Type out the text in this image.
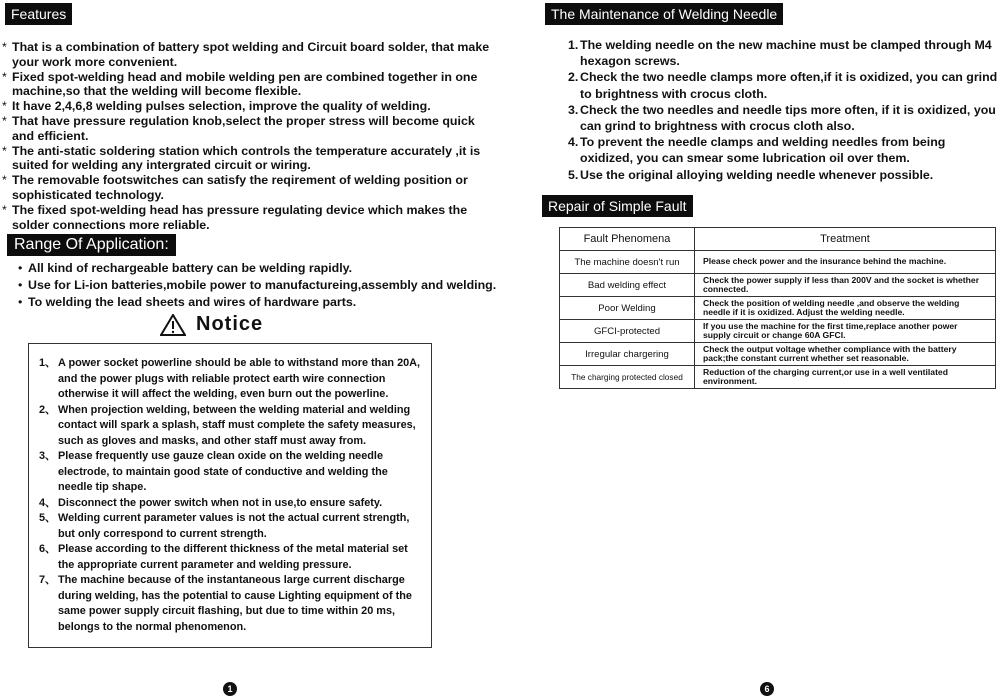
Features
* That is a combination of battery spot welding and Circuit board solder, that make your work more convenient.
* Fixed spot-welding head and mobile welding pen are combined together in one machine,so that the welding will become flexible.
* It have 2,4,6,8 welding pulses selection, improve the quality of welding.
* That have pressure regulation knob,select the proper stress will become quick and efficient.
* The anti-static soldering station which controls the temperature accurately ,it is suited for welding any intergrated circuit or wiring.
* The removable footswitches can satisfy the reqirement of welding position or sophisticated technology.
* The fixed spot-welding head has pressure regulating device which makes the solder connections more reliable.
Range Of Application:
• All kind of rechargeable battery can be welding rapidly.
• Use for Li-ion batteries,mobile power to manufactureing,assembly and welding.
• To welding the lead sheets and wires of hardware parts.
Notice
1、 A power socket powerline should be able to withstand more than 20A, and the power plugs with reliable protect earth wire connection otherwise it will affect the welding, even burn out the powerline.
2、 When projection welding, between the welding material and welding contact will spark a splash, staff must complete the safety measures, such as gloves and masks, and other staff must away from.
3、 Please frequently use gauze clean oxide on the welding needle electrode, to maintain good state of conductive and welding the needle tip shape.
4、 Disconnect the power switch when not in use,to ensure safety.
5、 Welding current parameter values is not the actual current strength, but only correspond to current strength.
6、 Please according to the different thickness of the metal material set the appropriate current parameter and welding pressure.
7、 The machine because of the instantaneous large current discharge during welding, has the potential to cause Lighting equipment of the same power supply circuit flashing, but due to time within 20 ms, belongs to the normal phenomenon.
1
The Maintenance of Welding Needle
1. The welding needle on the new machine must be clamped through M4 hexagon screws.
2. Check the two needle clamps more often,if it is oxidized, you can grind to brightness with crocus cloth.
3. Check the two needles and needle tips more often, if it is oxidized, you can grind to brightness with crocus cloth also.
4. To prevent the needle clamps and welding needles from being oxidized, you can smear some lubrication oil over them.
5. Use the original alloying welding needle whenever possible.
Repair of Simple Fault
Fault Phenomena	Treatment
The machine doesn't run	Please check power and the insurance behind the machine.
Bad welding effect	Check the power supply if less than 200V and the socket is whether connected.
Poor Welding	Check the position of welding needle ,and observe the welding needle if it is oxidized. Adjust the welding needle.
GFCI-protected	If you use the machine for the first time,replace another power supply circuit or change 60A GFCI.
Irregular chargering	Check the output voltage whether compliance with the battery pack;the constant current whether set reasonable.
The charging protected closed	Reduction of the charging current,or use in a well ventilated environment.
6
